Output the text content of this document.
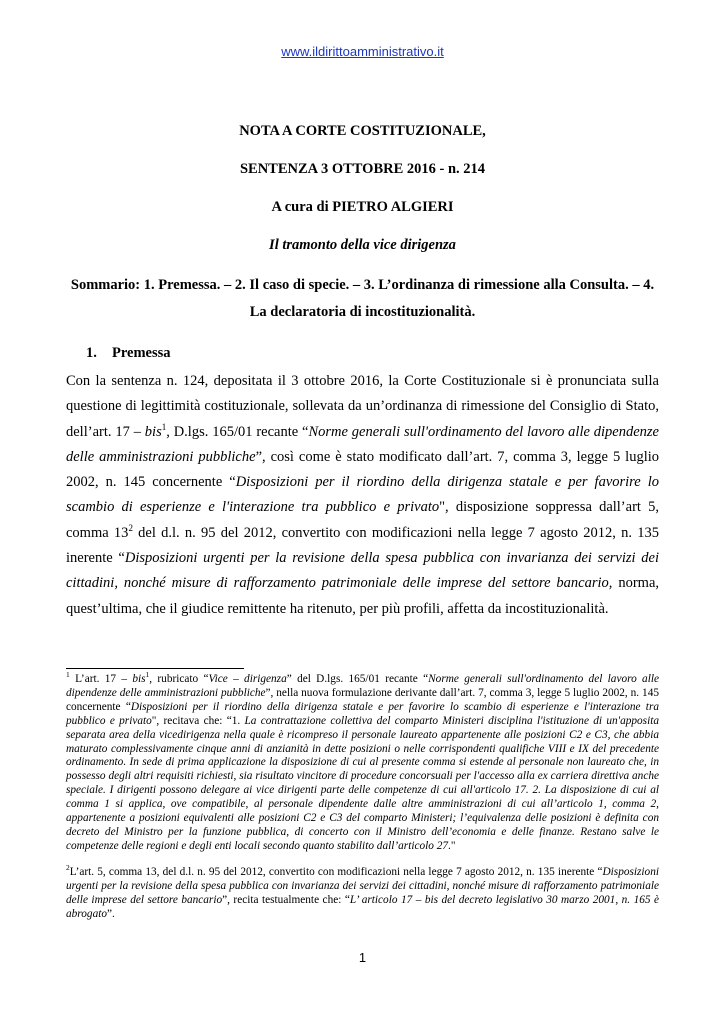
www.ildirittoamministrativo.it

NOTA A CORTE COSTITUZIONALE,

SENTENZA 3 OTTOBRE 2016 - n. 214

A cura di PIETRO ALGIERI

Il tramonto della vice dirigenza

Sommario: 1. Premessa. – 2. Il caso di specie. – 3. L’ordinanza di rimessione alla Consulta. – 4. La declaratoria di incostituzionalità.
1. Premessa
Con la sentenza n. 124, depositata il 3 ottobre 2016, la Corte Costituzionale si è pronunciata sulla questione di legittimità costituzionale, sollevata da un’ordinanza di rimessione del Consiglio di Stato, dell’art. 17 – bis$^1$, D.lgs. 165/01 recante “Norme generali sull'ordinamento del lavoro alle dipendenze delle amministrazioni pubbliche”, così come è stato modificato dall’art. 7, comma 3, legge 5 luglio 2002, n. 145 concernente “Disposizioni per il riordino della dirigenza statale e per favorire lo scambio di esperienze e l'interazione tra pubblico e privato", disposizione soppressa dall’art 5, comma $13^2$ del d.l. n. 95 del 2012, convertito con modificazioni nella legge 7 agosto 2012, n. 135 inerente “Disposizioni urgenti per la revisione della spesa pubblica con invarianza dei servizi dei cittadini, nonché misure di rafforzamento patrimoniale delle imprese del settore bancario, norma, quest’ultima, che il giudice remittente ha ritenuto, per più profili, affetta da incostituzionalità.

$^1$ L’art. 17 – bis$^1$, rubricato “Vice – dirigenza” del D.lgs. 165/01 recante “Norme generali sull'ordinamento del lavoro alle dipendenze delle amministrazioni pubbliche”, nella nuova formulazione derivante dall’art. 7, comma 3, legge 5 luglio 2002, n. 145 concernente “Disposizioni per il riordino della dirigenza statale e per favorire lo scambio di esperienze e l'interazione tra pubblico e privato", recitava che: “1. La contrattazione collettiva del comparto Ministeri disciplina l'istituzione di un'apposita separata area della vicedirigenza nella quale è ricompreso il personale laureato appartenente alle posizioni C2 e C3, che abbia maturato complessivamente cinque anni di anzianità in dette posizioni o nelle corrispondenti qualifiche VIII e IX del precedente ordinamento. In sede di prima applicazione la disposizione di cui al presente comma si estende al personale non laureato che, in possesso degli altri requisiti richiesti, sia risultato vincitore di procedure concorsuali per l'accesso alla ex carriera direttiva anche speciale. I dirigenti possono delegare ai vice dirigenti parte delle competenze di cui all'articolo 17. 2. La disposizione di cui al comma 1 si applica, ove compatibile, al personale dipendente dalle altre amministrazioni di cui all’articolo 1, comma 2, appartenente a posizioni equivalenti alle posizioni C2 e C3 del comparto Ministeri; l’equivalenza delle posizioni è definita con decreto del Ministro per la funzione pubblica, di concerto con il Ministro dell’economia e delle finanze. Restano salve le competenze delle regioni e degli enti locali secondo quanto stabilito dall’articolo 27."

$^2$L’art. 5, comma 13, del d.l. n. 95 del 2012, convertito con modificazioni nella legge 7 agosto 2012, n. 135 inerente “Disposizioni urgenti per la revisione della spesa pubblica con invarianza dei servizi dei cittadini, nonché misure di rafforzamento patrimoniale delle imprese del settore bancario”, recita testualmente che: “L’ articolo 17 – bis del decreto legislativo 30 marzo 2001, n. 165 è abrogato”.

1
